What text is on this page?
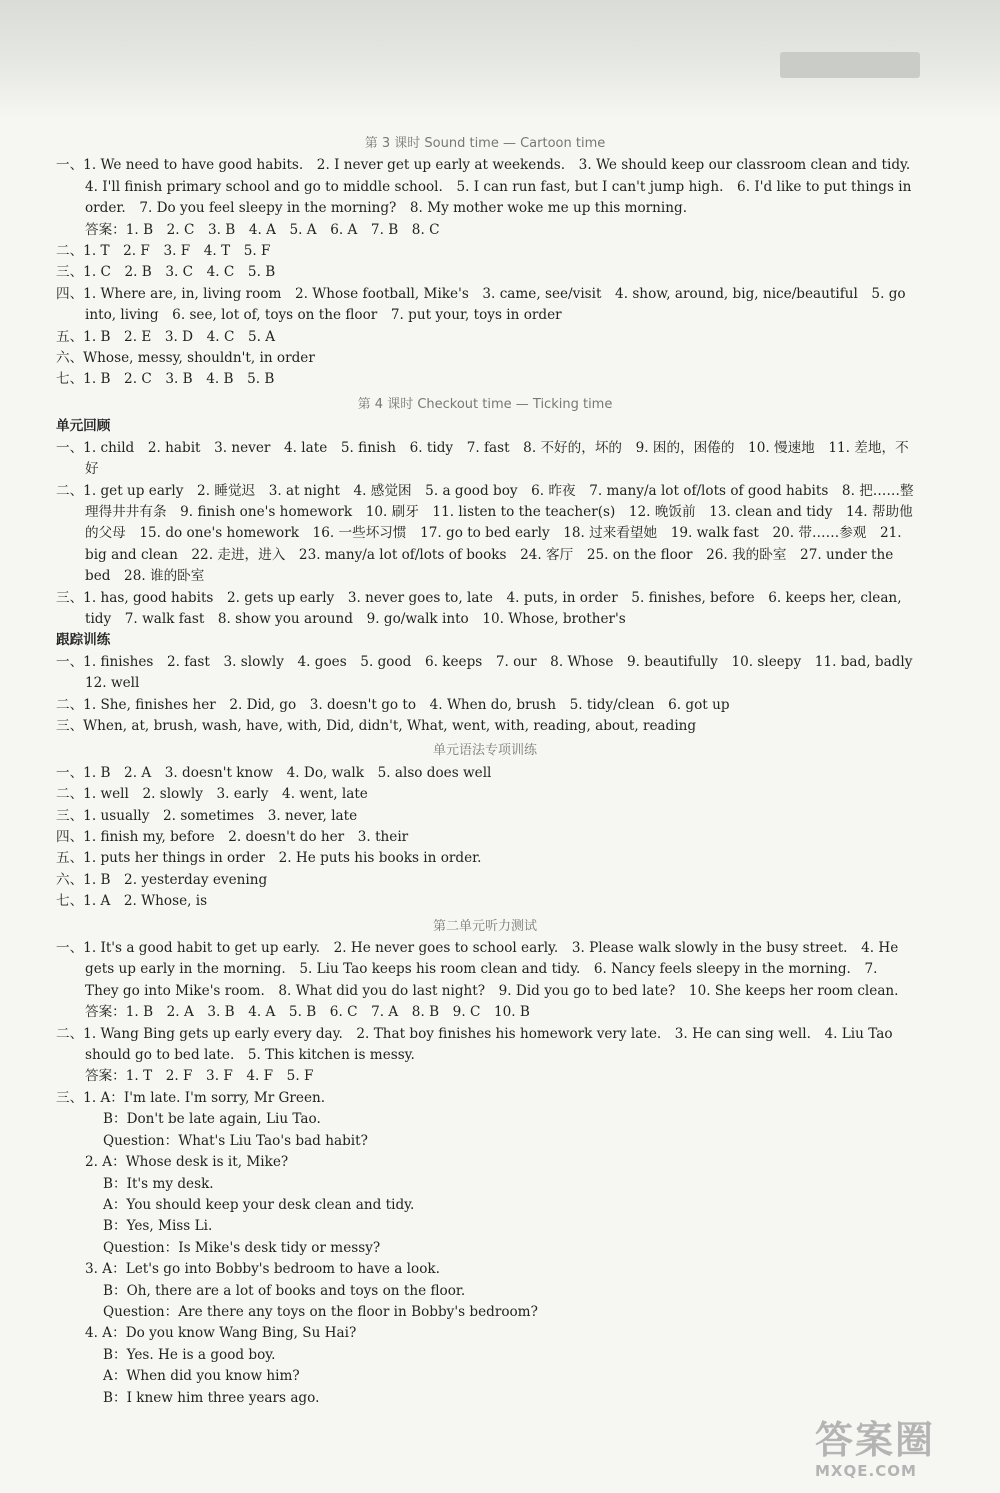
第 3 课时 Sound time — Cartoon time

一、1. We need to have good habits.　2. I never get up early at weekends.　3. We should keep our classroom clean and tidy.　4. I'll finish primary school and go to middle school.　5. I can run fast, but I can't jump high.　6. I'd like to put things in order.　7. Do you feel sleepy in the morning?　8. My mother woke me up this morning.

答案：1. B　2. C　3. B　4. A　5. A　6. A　7. B　8. C

二、1. T　2. F　3. F　4. T　5. F

三、1. C　2. B　3. C　4. C　5. B

四、1. Where are, in, living room　2. Whose football, Mike's　3. came, see/visit　4. show, around, big, nice/beautiful　5. go into, living　6. see, lot of, toys on the floor　7. put your, toys in order

五、1. B　2. E　3. D　4. C　5. A

六、Whose, messy, shouldn't, in order

七、1. B　2. C　3. B　4. B　5. B

第 4 课时 Checkout time — Ticking time

单元回顾

一、1. child　2. habit　3. never　4. late　5. finish　6. tidy　7. fast　8. 不好的，坏的　9. 困的，困倦的　10. 慢速地　11. 差地，不好

二、1. get up early　2. 睡觉迟　3. at night　4. 感觉困　5. a good boy　6. 昨夜　7. many/a lot of/lots of good habits　8. 把……整理得井井有条　9. finish one's homework　10. 刷牙　11. listen to the teacher(s)　12. 晚饭前　13. clean and tidy　14. 帮助他的父母　15. do one's homework　16. 一些坏习惯　17. go to bed early　18. 过来看望她　19. walk fast　20. 带……参观　21. big and clean　22. 走进，进入　23. many/a lot of/lots of books　24. 客厅　25. on the floor　26. 我的卧室　27. under the bed　28. 谁的卧室

三、1. has, good habits　2. gets up early　3. never goes to, late　4. puts, in order　5. finishes, before　6. keeps her, clean, tidy　7. walk fast　8. show you around　9. go/walk into　10. Whose, brother's

跟踪训练

一、1. finishes　2. fast　3. slowly　4. goes　5. good　6. keeps　7. our　8. Whose　9. beautifully　10. sleepy　11. bad, badly　12. well

二、1. She, finishes her　2. Did, go　3. doesn't go to　4. When do, brush　5. tidy/clean　6. got up

三、When, at, brush, wash, have, with, Did, didn't, What, went, with, reading, about, reading

单元语法专项训练

一、1. B　2. A　3. doesn't know　4. Do, walk　5. also does well

二、1. well　2. slowly　3. early　4. went, late

三、1. usually　2. sometimes　3. never, late

四、1. finish my, before　2. doesn't do her　3. their

五、1. puts her things in order　2. He puts his books in order.

六、1. B　2. yesterday evening

七、1. A　2. Whose, is

第二单元听力测试

一、1. It's a good habit to get up early.　2. He never goes to school early.　3. Please walk slowly in the busy street.　4. He gets up early in the morning.　5. Liu Tao keeps his room clean and tidy.　6. Nancy feels sleepy in the morning.　7. They go into Mike's room.　8. What did you do last night?　9. Did you go to bed late?　10. She keeps her room clean.

答案：1. B　2. A　3. B　4. A　5. B　6. C　7. A　8. B　9. C　10. B

二、1. Wang Bing gets up early every day.　2. That boy finishes his homework very late.　3. He can sing well.　4. Liu Tao should go to bed late.　5. This kitchen is messy.

答案：1. T　2. F　3. F　4. F　5. F

三、1. A：I'm late. I'm sorry, Mr Green.

B：Don't be late again, Liu Tao.

Question：What's Liu Tao's bad habit?

2. A：Whose desk is it, Mike?

B：It's my desk.

A：You should keep your desk clean and tidy.

B：Yes, Miss Li.

Question：Is Mike's desk tidy or messy?

3. A：Let's go into Bobby's bedroom to have a look.

B：Oh, there are a lot of books and toys on the floor.

Question：Are there any toys on the floor in Bobby's bedroom?

4. A：Do you know Wang Bing, Su Hai?

B：Yes. He is a good boy.

A：When did you know him?

B：I knew him three years ago.

答案圈
MXQE.COM
